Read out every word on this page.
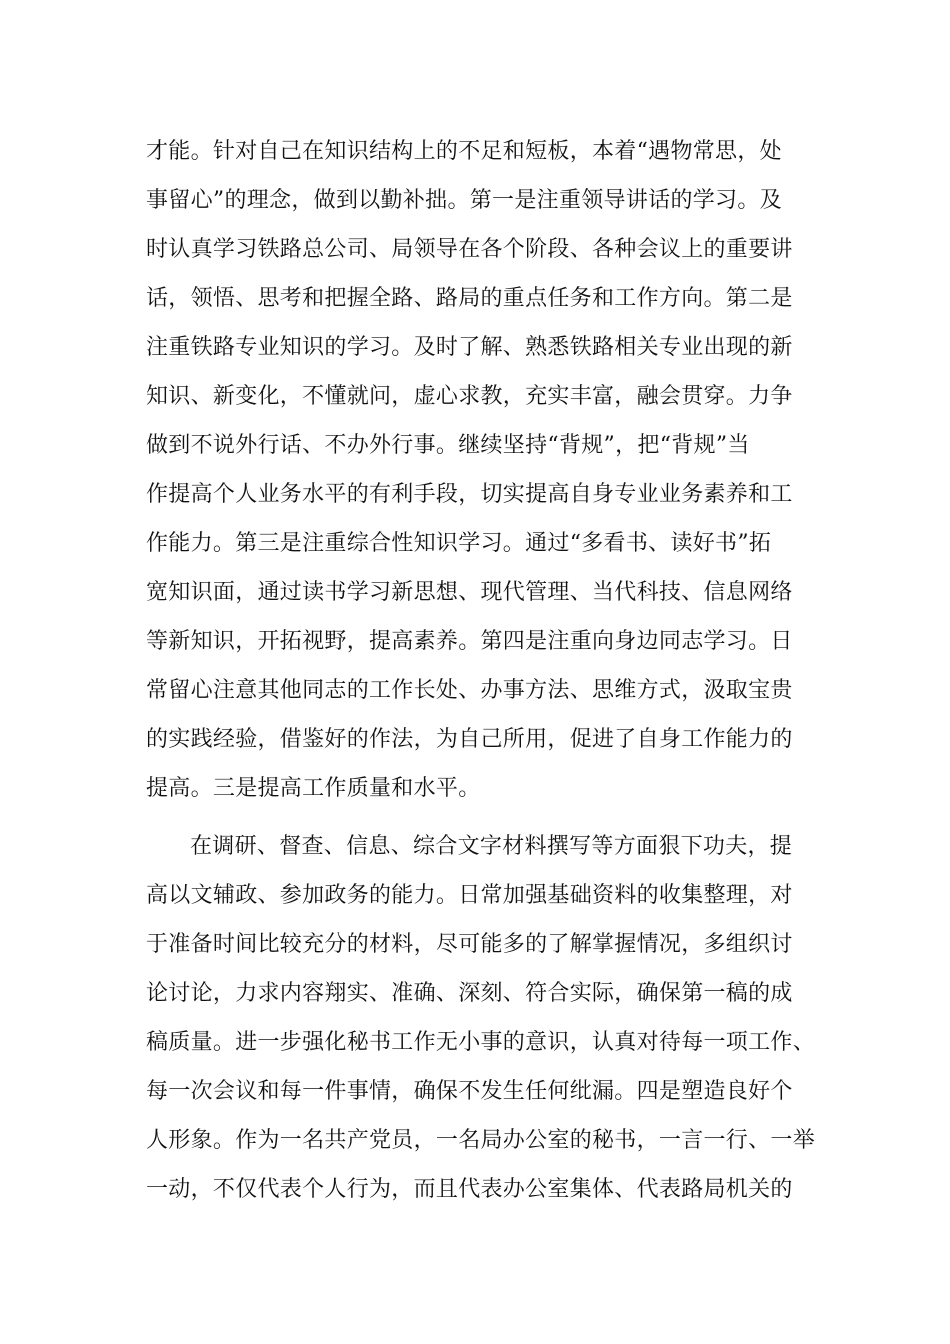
才能。针对自己在知识结构上的不足和短板，本着“遇物常思，处
事留心”的理念，做到以勤补拙。第一是注重领导讲话的学习。及
时认真学习铁路总公司、局领导在各个阶段、各种会议上的重要讲
话，领悟、思考和把握全路、路局的重点任务和工作方向。第二是
注重铁路专业知识的学习。及时了解、熟悉铁路相关专业出现的新
知识、新变化，不懂就问，虚心求教，充实丰富，融会贯穿。力争
做到不说外行话、不办外行事。继续坚持“背规”，把“背规”当
作提高个人业务水平的有利手段，切实提高自身专业业务素养和工
作能力。第三是注重综合性知识学习。通过“多看书、读好书”拓
宽知识面，通过读书学习新思想、现代管理、当代科技、信息网络
等新知识，开拓视野，提高素养。第四是注重向身边同志学习。日
常留心注意其他同志的工作长处、办事方法、思维方式，汲取宝贵
的实践经验，借鉴好的作法，为自己所用，促进了自身工作能力的
提高。三是提高工作质量和水平。
在调研、督查、信息、综合文字材料撰写等方面狠下功夫，提
高以文辅政、参加政务的能力。日常加强基础资料的收集整理，对
于准备时间比较充分的材料，尽可能多的了解掌握情况，多组织讨
论讨论，力求内容翔实、准确、深刻、符合实际，确保第一稿的成
稿质量。进一步强化秘书工作无小事的意识，认真对待每一项工作、
每一次会议和每一件事情，确保不发生任何纰漏。四是塑造良好个
人形象。作为一名共产党员，一名局办公室的秘书，一言一行、一举
一动，不仅代表个人行为，而且代表办公室集体、代表路局机关的
